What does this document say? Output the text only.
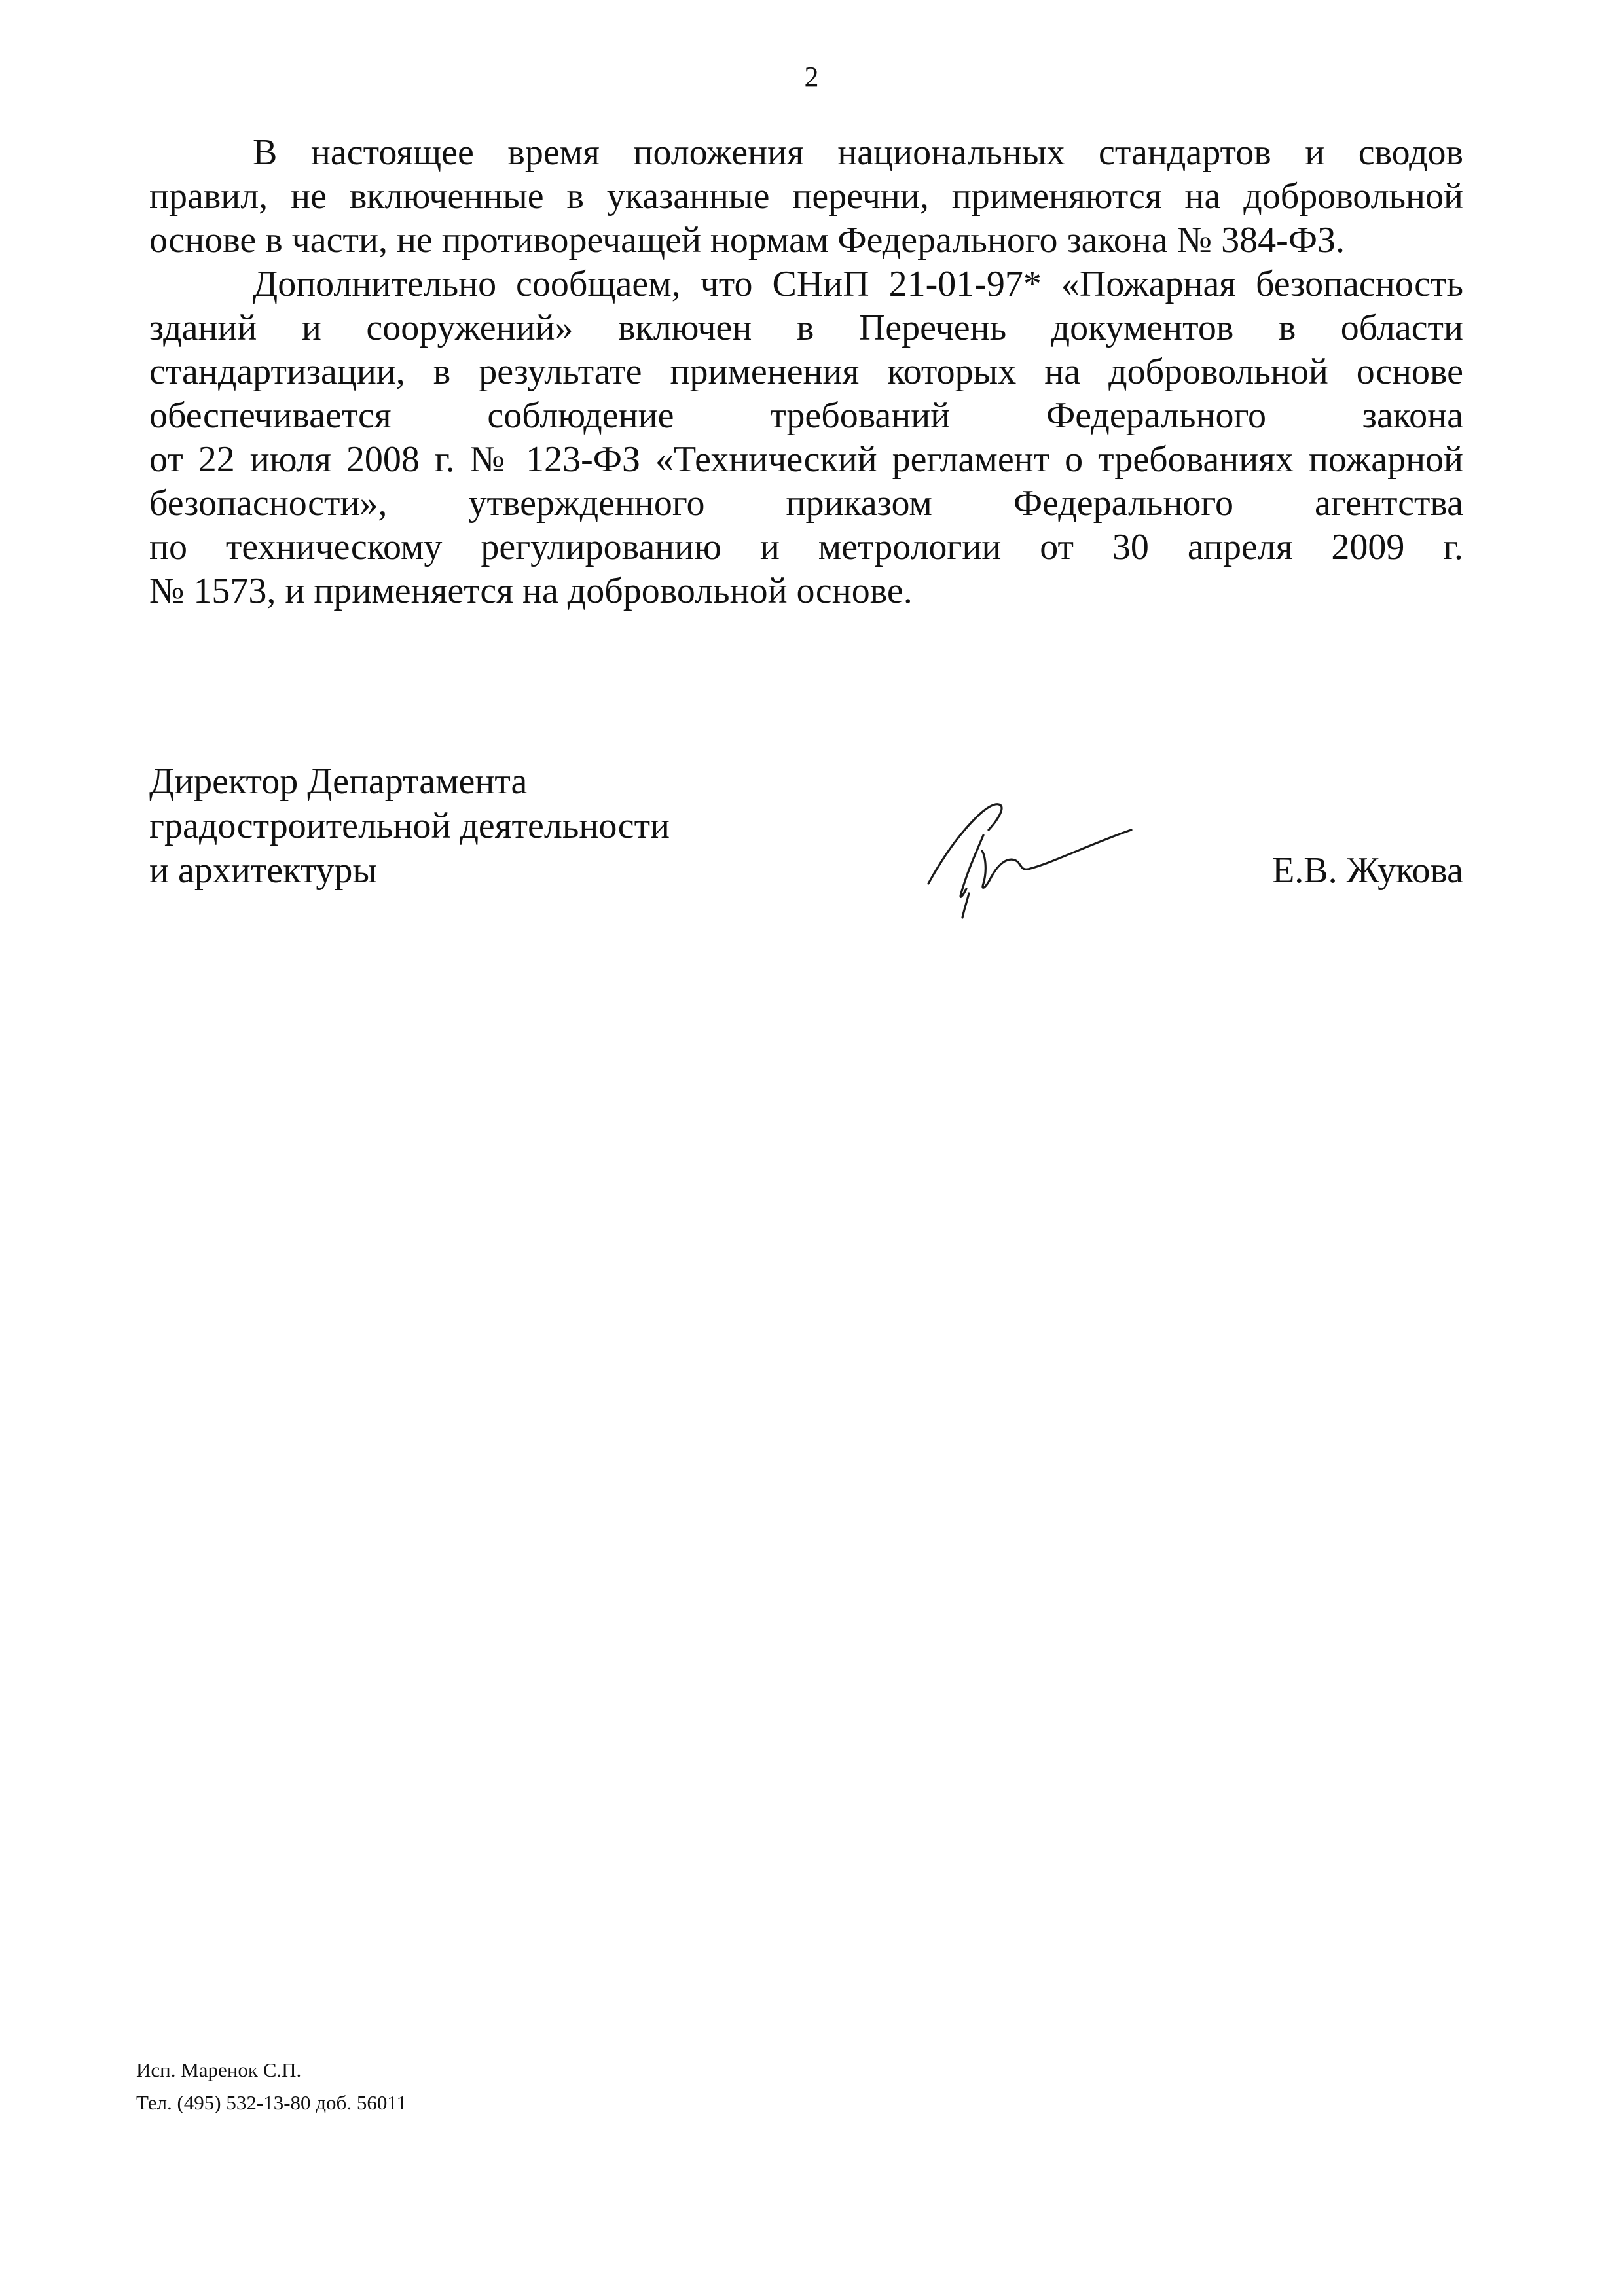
2

В настоящее время положения национальных стандартов и сводов
правил, не включенные в указанные перечни, применяются на добровольной
основе в части, не противоречащей нормам Федерального закона № 384-ФЗ.

Дополнительно сообщаем, что СНиП 21-01-97* «Пожарная безопасность
зданий и сооружений» включен в Перечень документов в области
стандартизации, в результате применения которых на добровольной основе
обеспечивается соблюдение требований Федерального закона
от 22 июля 2008 г. № 123-ФЗ «Технический регламент о требованиях пожарной
безопасности», утвержденного приказом Федерального агентства
по техническому регулированию и метрологии от 30 апреля 2009 г.
№ 1573, и применяется на добровольной основе.

Директор Департамента
градостроительной деятельности
и архитектуры	Е.В. Жукова
Исп. Маренок С.П.
Тел. (495) 532-13-80 доб. 56011
